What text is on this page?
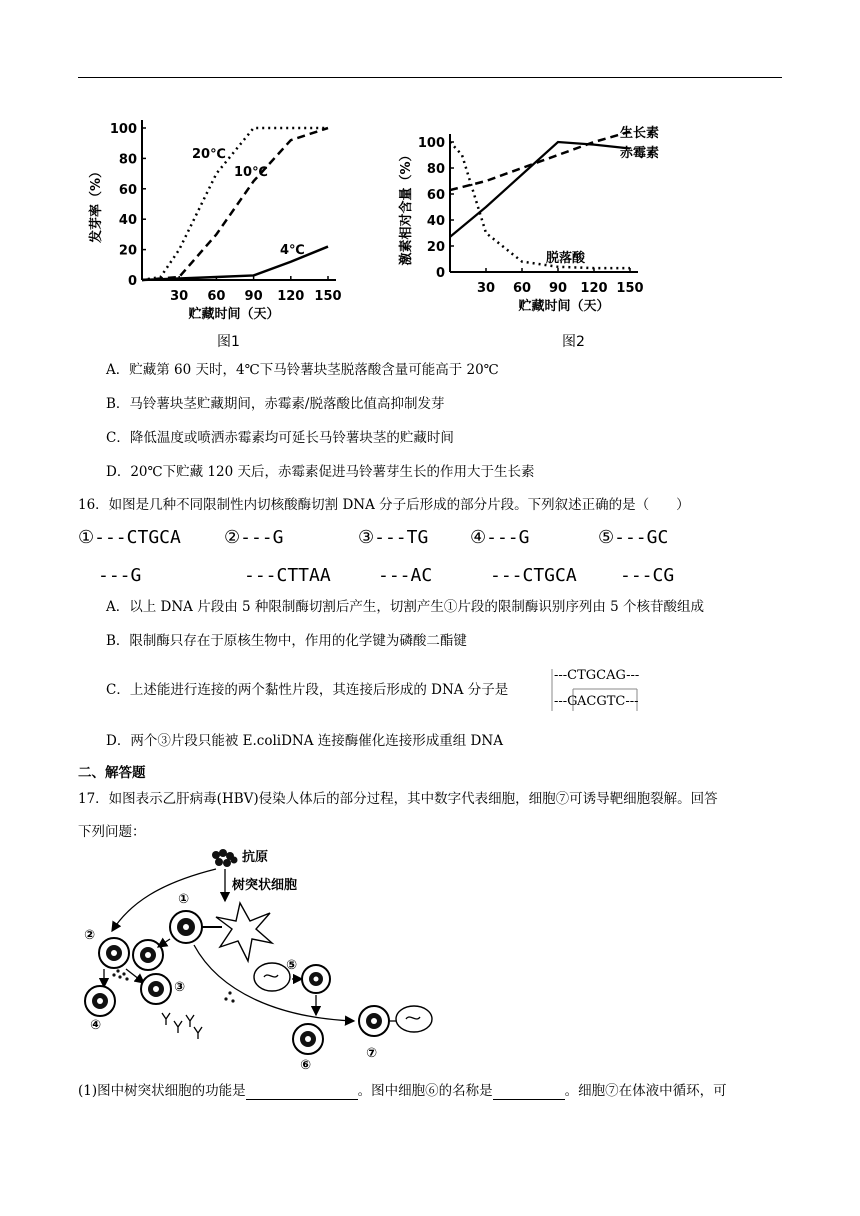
0
20
40
60
80
100
30 60 90 120 150
贮藏时间（天）
发芽率（%）
20℃
10℃
4℃
图1
0
20
40
60
80
100
30 60 90 120 150
贮藏时间（天）
激素相对含量（%）
生长素
赤霉素
脱落酸
图2
A．贮藏第 60 天时，4℃下马铃薯块茎脱落酸含量可能高于 20℃
B．马铃薯块茎贮藏期间，赤霉素/脱落酸比值高抑制发芽
C．降低温度或喷洒赤霉素均可延长马铃薯块茎的贮藏时间
D．20℃下贮藏 120 天后，赤霉素促进马铃薯芽生长的作用大于生长素
16．如图是几种不同限制性内切核酸酶切割 DNA 分子后形成的部分片段。下列叙述正确的是（　　）
①---CTGCA
---G
②---G
---CTTAA
③---TG
---AC
④---G
---CTGCA
⑤---GC
---CG
A．以上 DNA 片段由 5 种限制酶切割后产生，切割产生①片段的限制酶识别序列由 5 个核苷酸组成
B．限制酶只存在于原核生物中，作用的化学键为磷酸二酯键
C．上述能进行连接的两个黏性片段，其连接后形成的 DNA 分子是
---CTGCAG---
---G ACGTC---
D．两个③片段只能被 E.coliDNA 连接酶催化连接形成重组 DNA
二、解答题
17．如图表示乙肝病毒(HBV)侵染人体后的部分过程，其中数字代表细胞，细胞⑦可诱导靶细胞裂解。回答
下列问题：
抗原
树突状细胞
①
②
③
④
⑤
⑥
⑦
(1)图中树突状细胞的功能是	。图中细胞⑥的名称是	。细胞⑦在体液中循环，可
